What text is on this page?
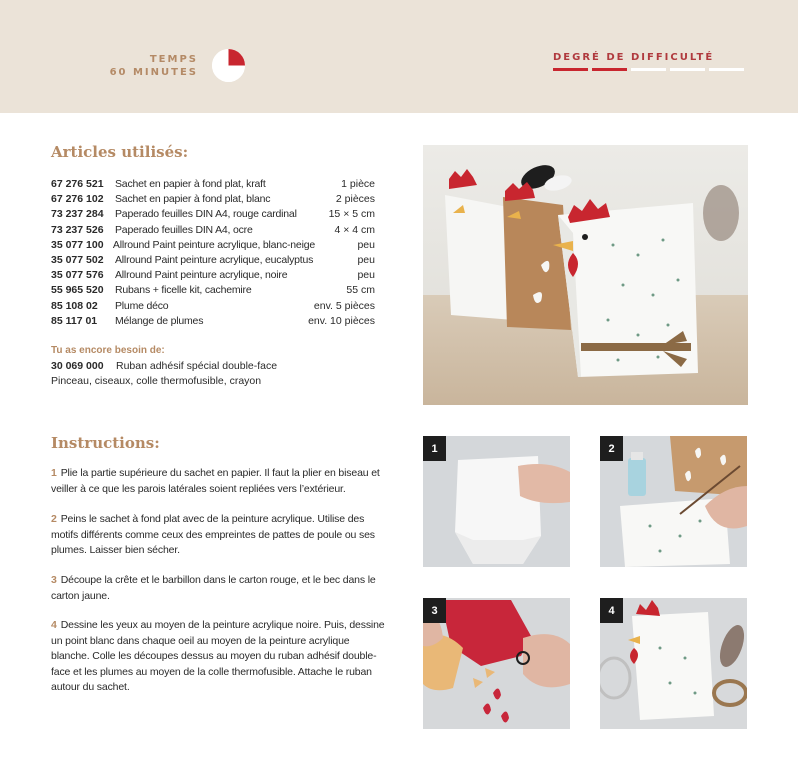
TEMPS
60 MINUTES
DEGRÉ DE DIFFICULTÉ
Articles utilisés:
67 276 521	Sachet en papier à fond plat, kraft	1 pièce
67 276 102	Sachet en papier à fond plat, blanc	2 pièces
73 237 284	Paperado feuilles DIN A4, rouge cardinal	15 × 5 cm
73 237 526	Paperado feuilles DIN A4, ocre	4 × 4 cm
35 077 100 Allround Paint peinture acrylique, blanc-neige	peu
35 077 502	Allround Paint peinture acrylique, eucalyptus	peu
35 077 576	Allround Paint peinture acrylique, noire	peu
55 965 520	Rubans + ficelle kit, cachemire	55 cm
85 108 02	Plume déco	env. 5 pièces
85 117 01	Mélange de plumes	env. 10 pièces
Tu as encore besoin de:
30 069 000 Ruban adhésif spécial double-face
Pinceau, ciseaux, colle thermofusible, crayon
Instructions:
1 Plie la partie supérieure du sachet en papier. Il faut la plier en biseau et veiller à ce que les parois latérales soient repliées vers l’extérieur.
2 Peins le sachet à fond plat avec de la peinture acrylique. Utilise des motifs différents comme ceux des empreintes de pattes de poule ou ses plumes. Laisser bien sécher.
3 Découpe la crête et le barbillon dans le carton rouge, et le bec dans le carton jaune.
4 Dessine les yeux au moyen de la peinture acrylique noire. Puis, dessine un point blanc dans chaque oeil au moyen de la peinture acrylique blanche. Colle les découpes dessus au moyen du ruban adhésif double-face et les plumes au moyen de la colle thermofusible. Attache le ruban autour du sachet.
1	2
3	4
